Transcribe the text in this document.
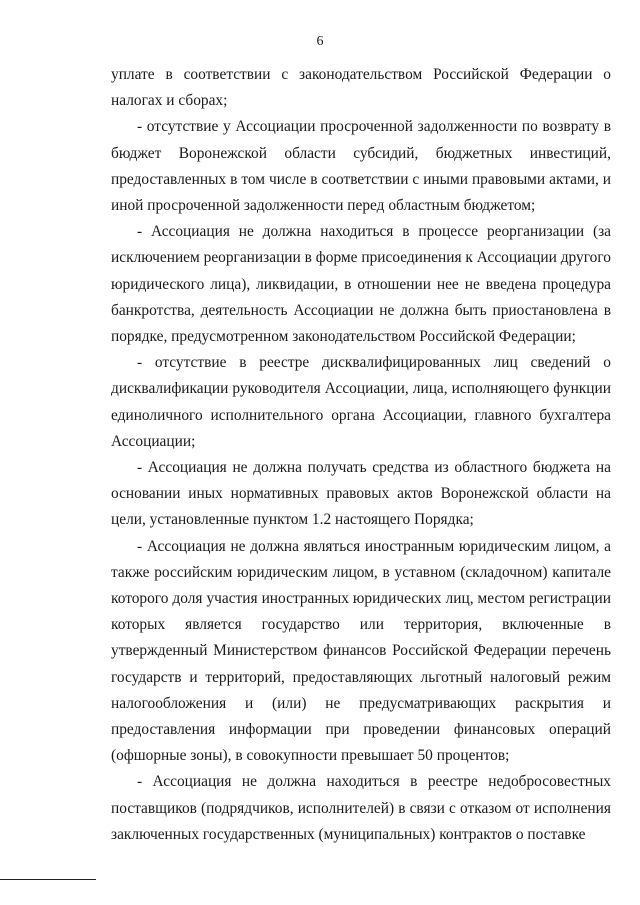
6

уплате в соответствии с законодательством Российской Федерации о налогах и сборах;

- отсутствие у Ассоциации просроченной задолженности по возврату в бюджет Воронежской области субсидий, бюджетных инвестиций, предоставленных в том числе в соответствии с иными правовыми актами, и иной просроченной задолженности перед областным бюджетом;

- Ассоциация не должна находиться в процессе реорганизации (за исключением реорганизации в форме присоединения к Ассоциации другого юридического лица), ликвидации, в отношении нее не введена процедура банкротства, деятельность Ассоциации не должна быть приостановлена в порядке, предусмотренном законодательством Российской Федерации;

- отсутствие в реестре дисквалифицированных лиц сведений о дисквалификации руководителя Ассоциации, лица, исполняющего функции единоличного исполнительного органа Ассоциации, главного бухгалтера Ассоциации;

- Ассоциация не должна получать средства из областного бюджета на основании иных нормативных правовых актов Воронежской области на цели, установленные пунктом 1.2 настоящего Порядка;

- Ассоциация не должна являться иностранным юридическим лицом, а также российским юридическим лицом, в уставном (складочном) капитале которого доля участия иностранных юридических лиц, местом регистрации которых является государство или территория, включенные в утвержденный Министерством финансов Российской Федерации перечень государств и территорий, предоставляющих льготный налоговый режим налогообложения и (или) не предусматривающих раскрытия и предоставления информации при проведении финансовых операций (офшорные зоны), в совокупности превышает 50 процентов;

- Ассоциация не должна находиться в реестре недобросовестных поставщиков (подрядчиков, исполнителей) в связи с отказом от исполнения заключенных государственных (муниципальных) контрактов о поставке
